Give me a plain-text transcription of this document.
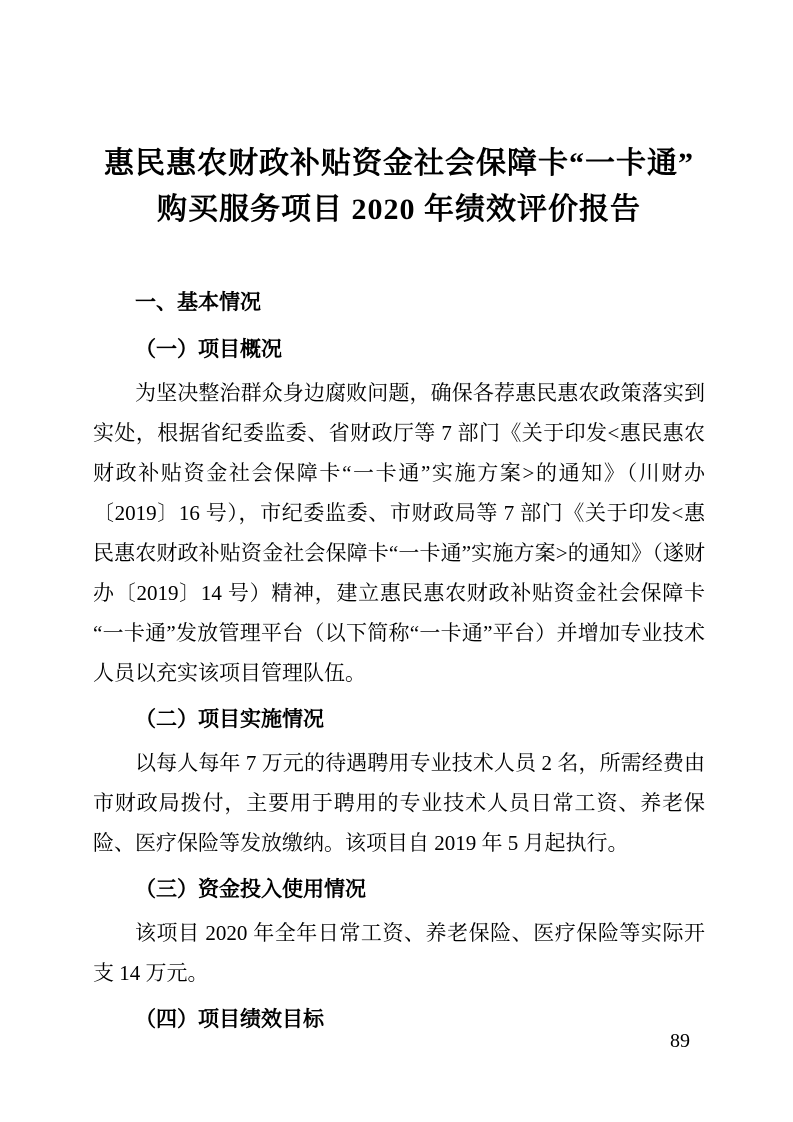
惠民惠农财政补贴资金社会保障卡“一卡通”
购买服务项目 2020 年绩效评价报告
一、基本情况
（一）项目概况

为坚决整治群众身边腐败问题，确保各荐惠民惠农政策落实到实处，根据省纪委监委、省财政厅等 7 部门《关于印发<惠民惠农财政补贴资金社会保障卡“一卡通”实施方案>的通知》（川财办〔2019〕16 号），市纪委监委、市财政局等 7 部门《关于印发<惠民惠农财政补贴资金社会保障卡“一卡通”实施方案>的通知》（遂财办〔2019〕14 号）精神，建立惠民惠农财政补贴资金社会保障卡“一卡通”发放管理平台（以下简称“一卡通”平台）并增加专业技术人员以充实该项目管理队伍。

（二）项目实施情况

以每人每年 7 万元的待遇聘用专业技术人员 2 名，所需经费由市财政局拨付，主要用于聘用的专业技术人员日常工资、养老保险、医疗保险等发放缴纳。该项目自 2019 年 5 月起执行。

（三）资金投入使用情况

该项目 2020 年全年日常工资、养老保险、医疗保险等实际开支 14 万元。

（四）项目绩效目标
89
